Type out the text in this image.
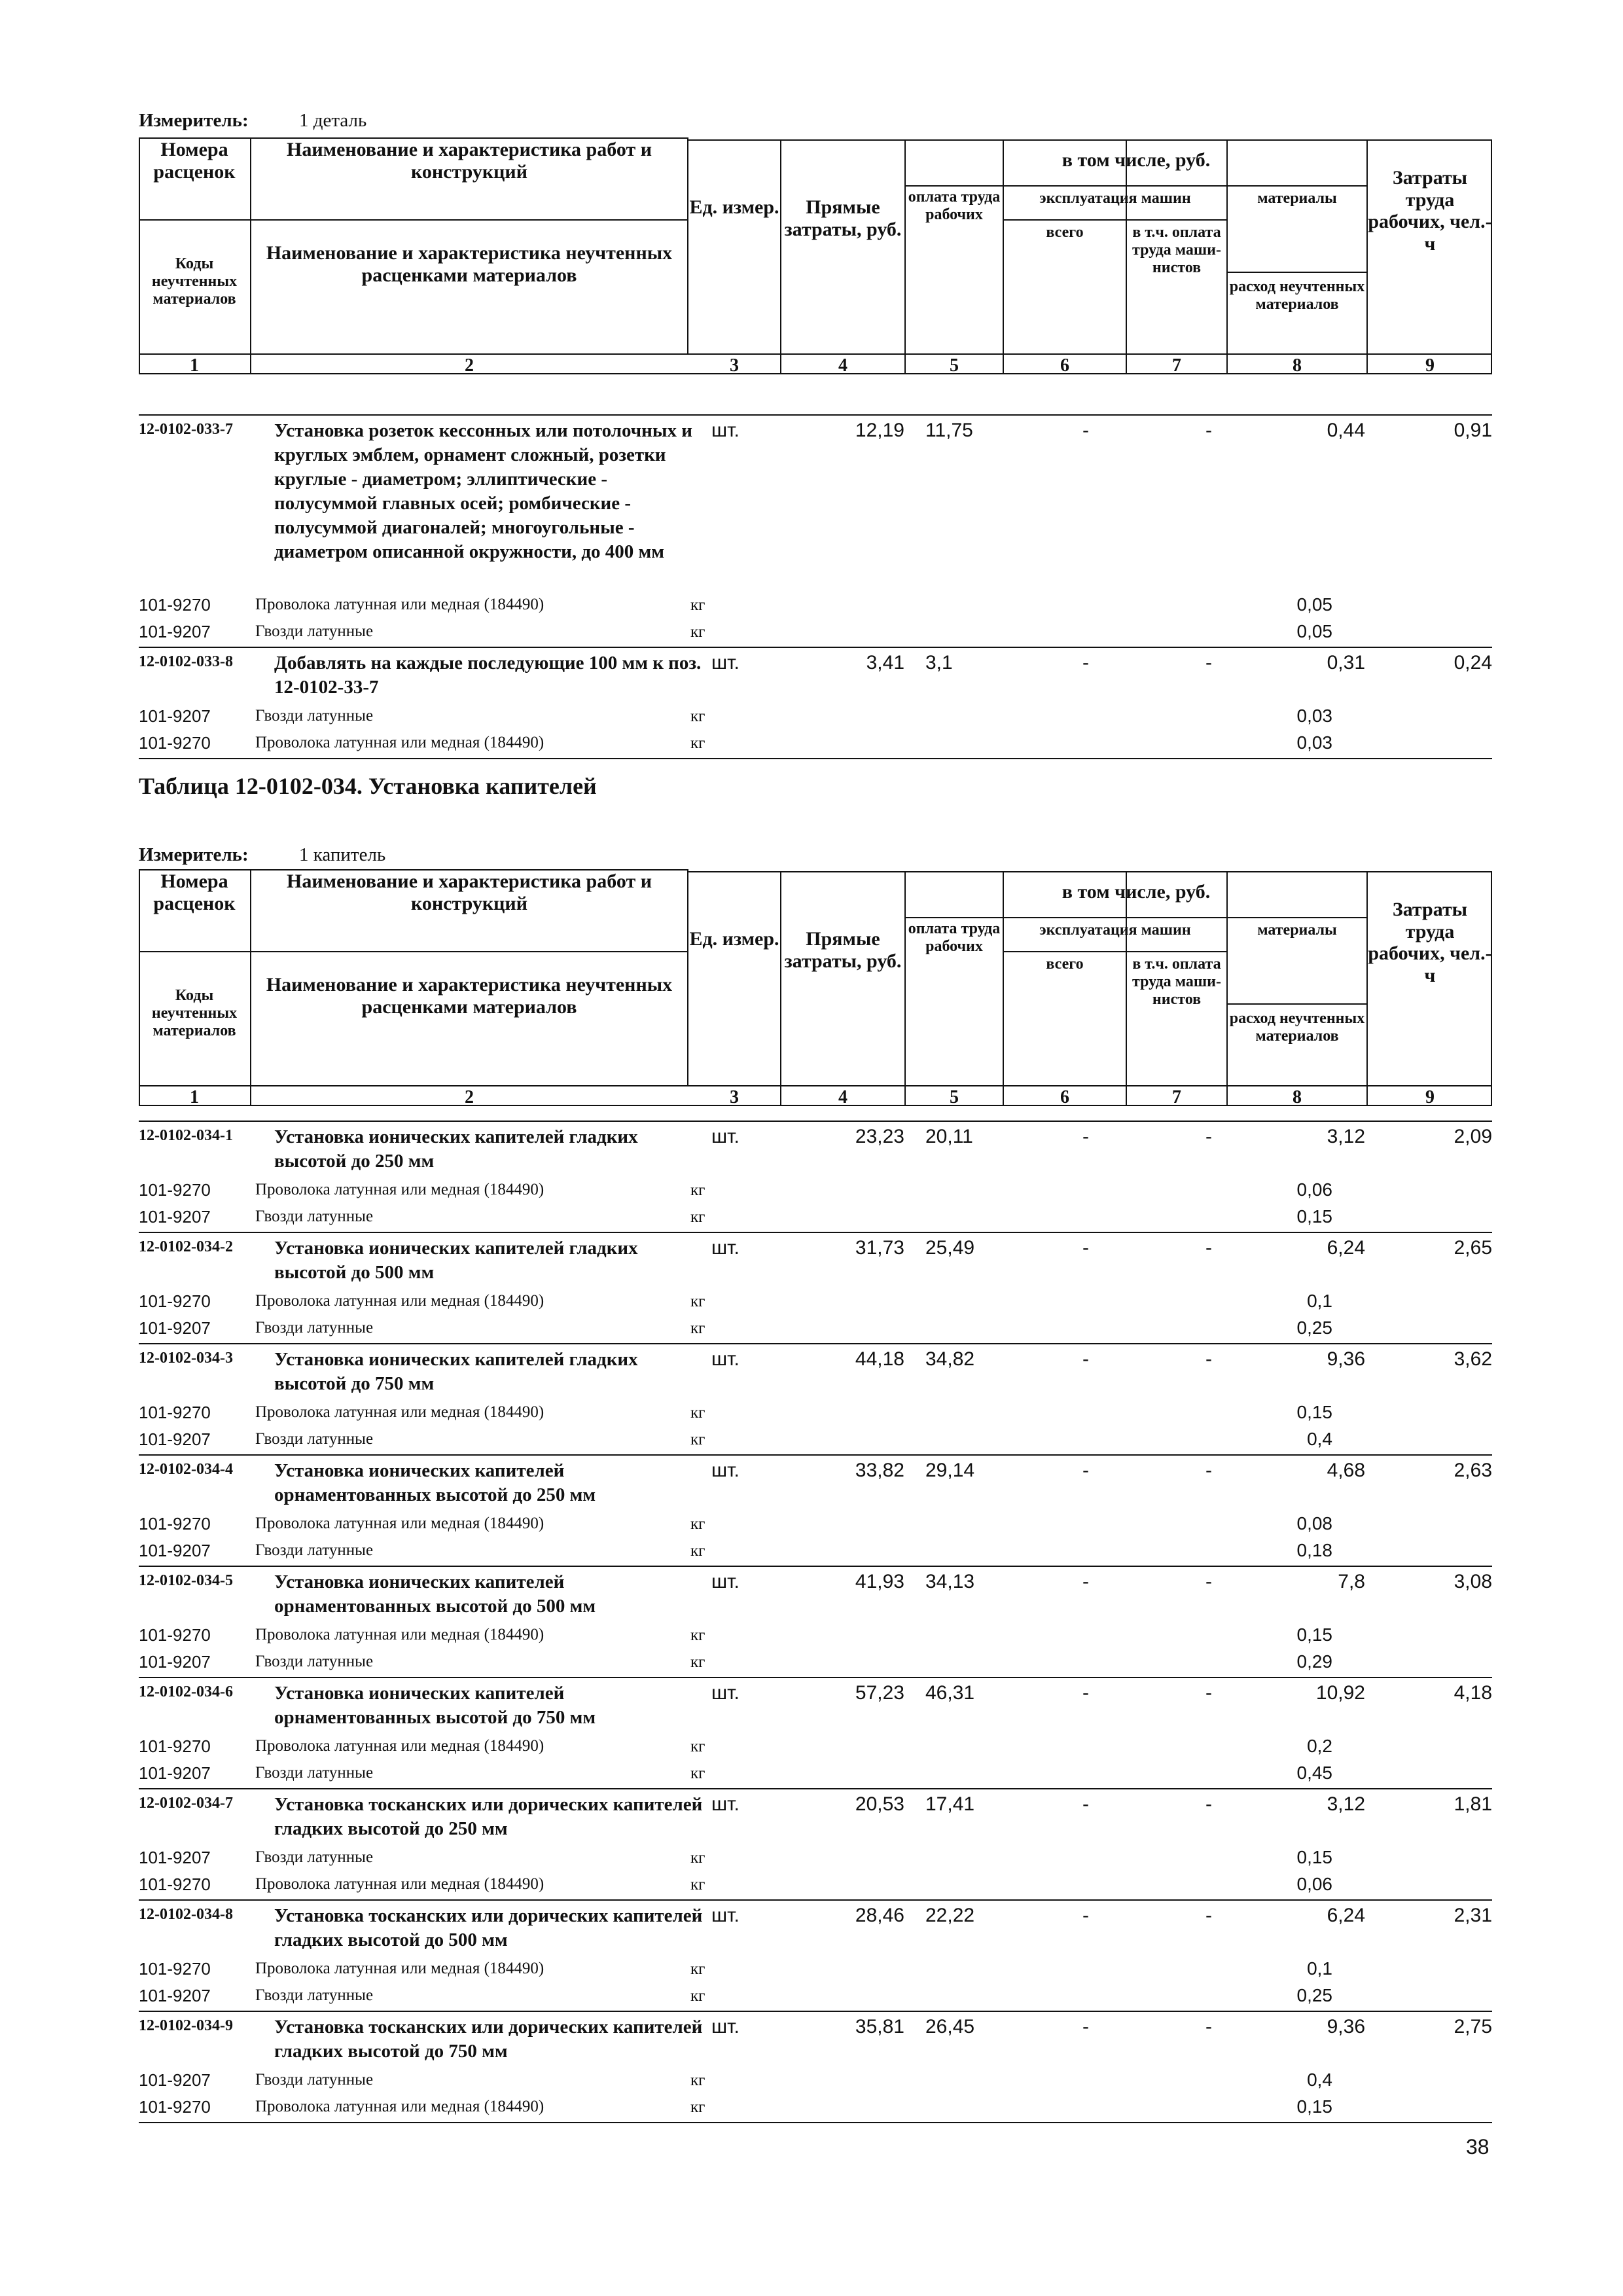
Измеритель:	1 деталь
Номера расценок
Наименование и характеристика работ и конструкций
Коды неучтенных материалов
Наименование и характеристика неучтенных расценками материалов
Ед. измер.	Прямые затраты, руб.
в том числе, руб.
оплата труда рабочих
эксплуатация машин
всего	в т.ч. оплата труда маши- нистов
материалы
расход неучтенных материалов
Затраты труда рабочих, чел.-ч
1	2	3	4	5	6	7	8	9
12-0102-033-7 Установка розеток кессонных или потолочных и круглых эмблем, орнамент сложный, розетки круглые - диаметром; эллиптические - полусуммой главных осей; ромбические - полусуммой диагоналей; многоугольные - диаметром описанной окружности, до 400 мм
шт.	12,19	11,75	-	-	0,44	0,91
101-9270	Проволока латунная или медная (184490)	кг	0,05
101-9207	Гвозди латунные	кг	0,05
12-0102-033-8 Добавлять на каждые последующие 100 мм к поз. 12-0102-33-7
шт.	3,41	3,1	-	-	0,31	0,24
101-9207	Гвозди латунные	кг	0,03
101-9270	Проволока латунная или медная (184490)	кг	0,03
Таблица 12-0102-034. Установка капителей
Измеритель:	1 капитель
Номера расценок
Наименование и характеристика работ и конструкций
Коды неучтенных материалов
Наименование и характеристика неучтенных расценками материалов
Ед. измер.	Прямые затраты, руб.
в том числе, руб.
оплата труда рабочих
эксплуатация машин
всего	в т.ч. оплата труда маши- нистов
материалы
расход неучтенных материалов
Затраты труда рабочих, чел.-ч
1	2	3	4	5	6	7	8	9
12-0102-034-1 Установка ионических капителей гладких высотой до 250 мм
шт.	23,23	20,11	-	-	3,12	2,09
101-9270	Проволока латунная или медная (184490)	кг	0,06
101-9207	Гвозди латунные	кг	0,15
12-0102-034-2 Установка ионических капителей гладких высотой до 500 мм
шт.	31,73	25,49	-	-	6,24	2,65
101-9270	Проволока латунная или медная (184490)	кг	0,1
101-9207	Гвозди латунные	кг	0,25
12-0102-034-3 Установка ионических капителей гладких высотой до 750 мм
шт.	44,18	34,82	-	-	9,36	3,62
101-9270	Проволока латунная или медная (184490)	кг	0,15
101-9207	Гвозди латунные	кг	0,4
12-0102-034-4 Установка ионических капителей орнаментованных высотой до 250 мм
шт.	33,82	29,14	-	-	4,68	2,63
101-9270	Проволока латунная или медная (184490)	кг	0,08
101-9207	Гвозди латунные	кг	0,18
12-0102-034-5 Установка ионических капителей орнаментованных высотой до 500 мм
шт.	41,93	34,13	-	-	7,8	3,08
101-9270	Проволока латунная или медная (184490)	кг	0,15
101-9207	Гвозди латунные	кг	0,29
12-0102-034-6 Установка ионических капителей орнаментованных высотой до 750 мм
шт.	57,23	46,31	-	-	10,92	4,18
101-9270	Проволока латунная или медная (184490)	кг	0,2
101-9207	Гвозди латунные	кг	0,45
12-0102-034-7 Установка тосканских или дорических капителей гладких высотой до 250 мм
шт.	20,53	17,41	-	-	3,12	1,81
101-9207	Гвозди латунные	кг	0,15
101-9270	Проволока латунная или медная (184490)	кг	0,06
12-0102-034-8 Установка тосканских или дорических капителей гладких высотой до 500 мм
шт.	28,46	22,22	-	-	6,24	2,31
101-9270	Проволока латунная или медная (184490)	кг	0,1
101-9207	Гвозди латунные	кг	0,25
12-0102-034-9 Установка тосканских или дорических капителей гладких высотой до 750 мм
шт.	35,81	26,45	-	-	9,36	2,75
101-9207	Гвозди латунные	кг	0,4
101-9270	Проволока латунная или медная (184490)	кг	0,15
38
